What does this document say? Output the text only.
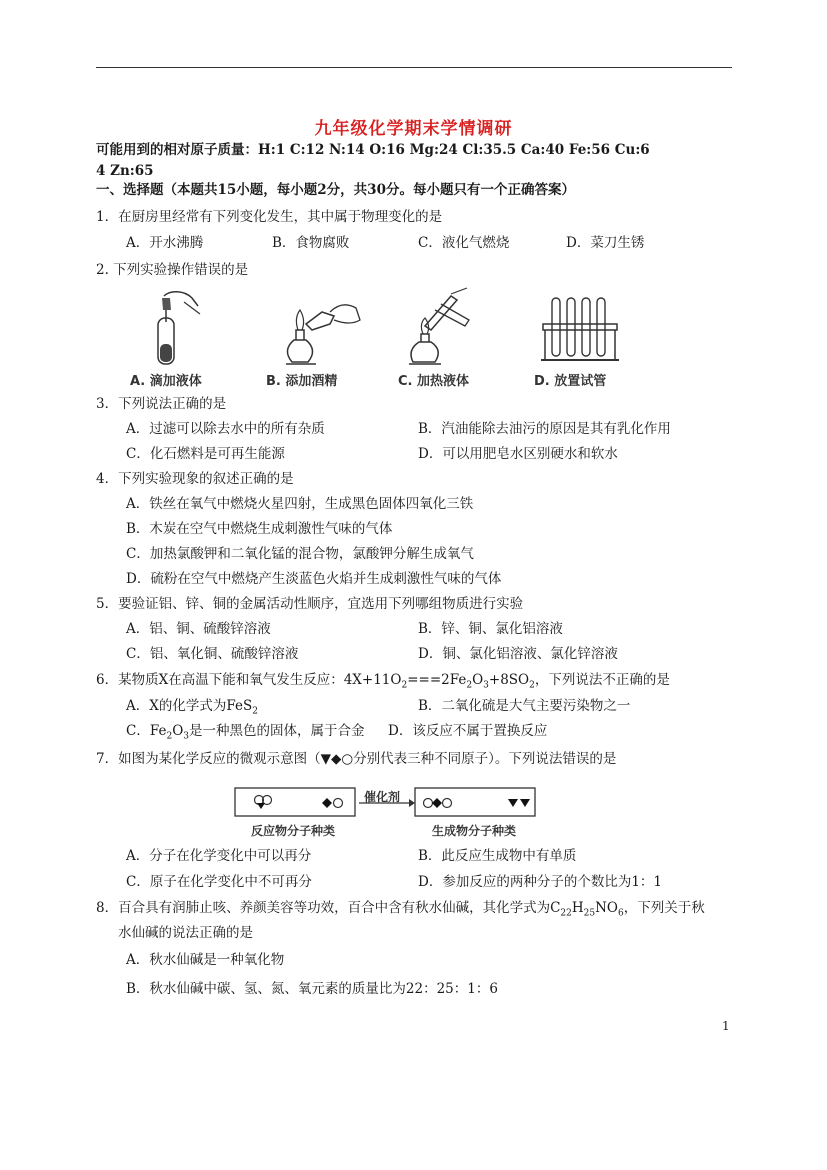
九年级化学期末学情调研
可能用到的相对原子质量：H:1 C:12 N:14 O:16 Mg:24 Cl:35.5 Ca:40 Fe:56 Cu:6
4 Zn:65
一、选择题（本题共15小题，每小题2分，共30分。每小题只有一个正确答案）
1．在厨房里经常有下列变化发生，其中属于物理变化的是
A．开水沸腾	B．食物腐败	C．液化气燃烧	D．菜刀生锈
2. 下列实验操作错误的是
A. 滴加液体	B. 添加酒精	C. 加热液体	D. 放置试管
3．下列说法正确的是
A．过滤可以除去水中的所有杂质	B．汽油能除去油污的原因是其有乳化作用
C．化石燃料是可再生能源	D．可以用肥皂水区别硬水和软水
4．下列实验现象的叙述正确的是
A．铁丝在氧气中燃烧火星四射，生成黑色固体四氧化三铁
B．木炭在空气中燃烧生成刺激性气味的气体
C．加热氯酸钾和二氧化锰的混合物，氯酸钾分解生成氧气
D．硫粉在空气中燃烧产生淡蓝色火焰并生成刺激性气味的气体
5．要验证铝、锌、铜的金属活动性顺序，宜选用下列哪组物质进行实验
A．铝、铜、硫酸锌溶液	B．锌、铜、氯化铝溶液
C．铝、氧化铜、硫酸锌溶液	D．铜、氯化铝溶液、氯化锌溶液
6．某物质X在高温下能和氧气发生反应：$4X+11O_2===2Fe_2O_3+8SO_2$，下列说法不正确的是
A．X的化学式为FeS$_2$	B．二氧化硫是大气主要污染物之一
C．$Fe_2O_3$是一种黑色的固体，属于合金 D．该反应不属于置换反应
7．如图为某化学反应的微观示意图（▼◆○分别代表三种不同原子）。下列说法错误的是
催化剂
反应物分子种类	生成物分子种类
A．分子在化学变化中可以再分	B．此反应生成物中有单质
C．原子在化学变化中不可再分	D．参加反应的两种分子的个数比为1：1
8．百合具有润肺止咳、养颜美容等功效，百合中含有秋水仙碱，其化学式为$C_{22}H_{25}NO_6$，下列关于秋
水仙碱的说法正确的是
A．秋水仙碱是一种氧化物
B．秋水仙碱中碳、氢、氮、氧元素的质量比为22：25：1：6
1
